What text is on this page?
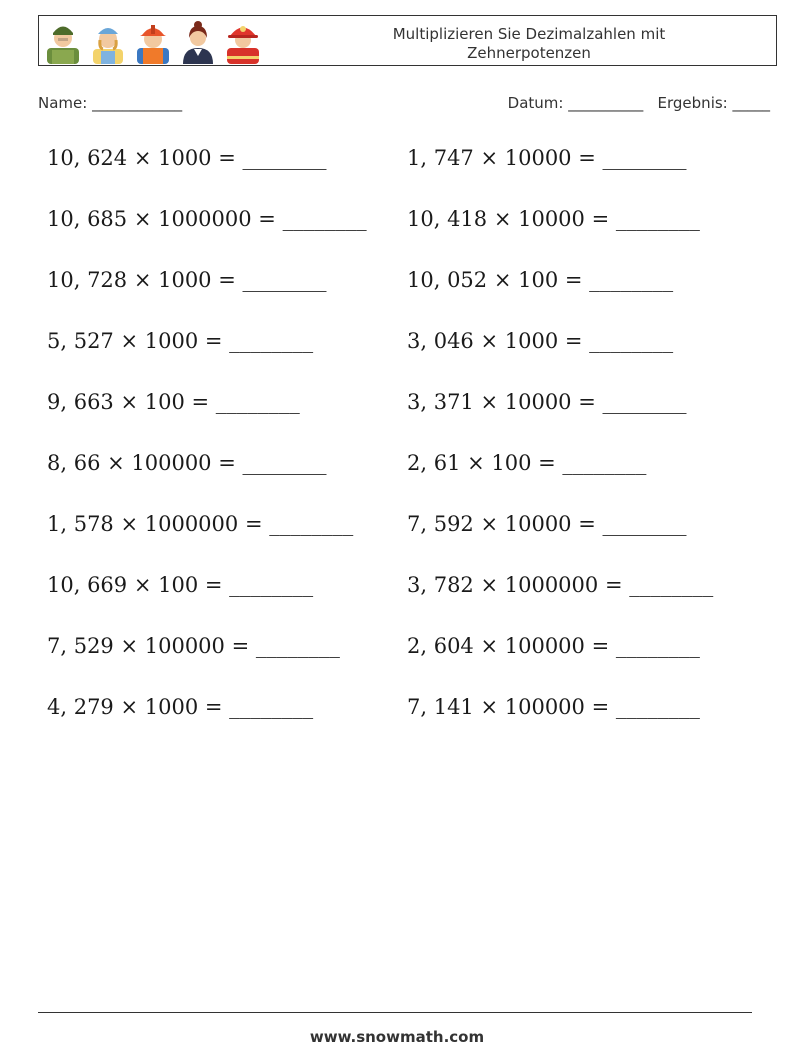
Multiplizieren Sie Dezimalzahlen mit
Zehnerpotenzen
Name: ____________	Datum: __________ Ergebnis: _____
10, 624 × 1000 = ________	1, 747 × 10000 = ________
10, 685 × 1000000 = ________	10, 418 × 10000 = ________
10, 728 × 1000 = ________	10, 052 × 100 = ________
5, 527 × 1000 = ________	3, 046 × 1000 = ________
9, 663 × 100 = ________	3, 371 × 10000 = ________
8, 66 × 100000 = ________	2, 61 × 100 = ________
1, 578 × 1000000 = ________	7, 592 × 10000 = ________
10, 669 × 100 = ________	3, 782 × 1000000 = ________
7, 529 × 100000 = ________	2, 604 × 100000 = ________
4, 279 × 1000 = ________	7, 141 × 100000 = ________
www.snowmath.com
